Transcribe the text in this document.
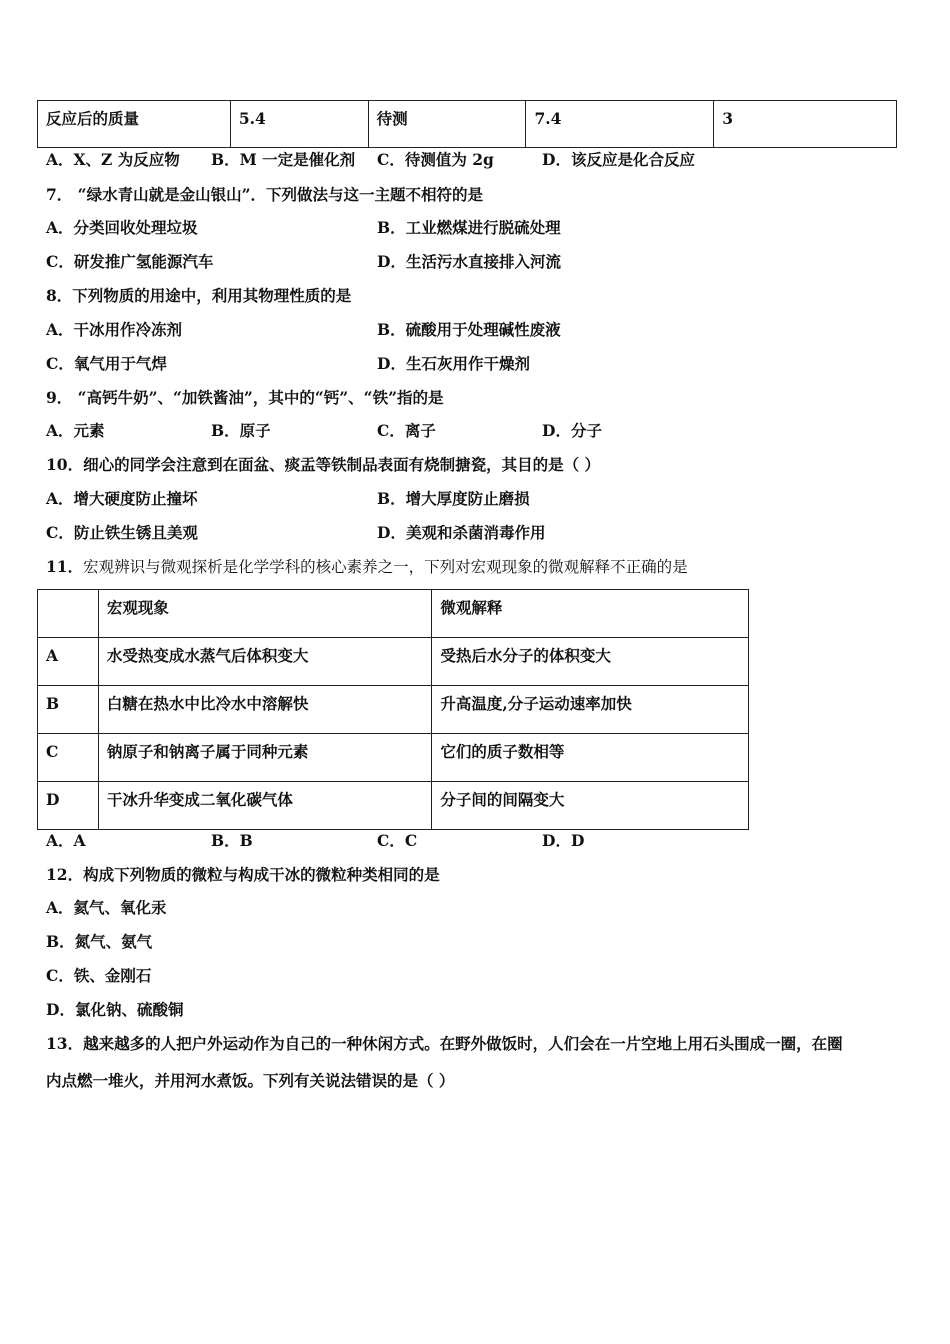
反应后的质量	5.4	待测	7.4	3
A．X、Z 为反应物 B．M 一定是催化剂 C．待测值为 2g	D．该反应是化合反应
7． “绿水青山就是金山银山”．下列做法与这一主题不相符的是
A．分类回收处理垃圾	B．工业燃煤进行脱硫处理
C．研发推广氢能源汽车	D．生活污水直接排入河流
8．下列物质的用途中，利用其物理性质的是
A．干冰用作冷冻剂	B．硫酸用于处理碱性废液
C．氧气用于气焊	D．生石灰用作干燥剂
9． “高钙牛奶”、“加铁酱油”，其中的“钙”、“铁”指的是
A．元素	B．原子	C．离子	D．分子
10．细心的同学会注意到在面盆、痰盂等铁制品表面有烧制搪瓷，其目的是（ ）
A．增大硬度防止撞坏	B．增大厚度防止磨损
C．防止铁生锈且美观	D．美观和杀菌消毒作用
11．宏观辨识与微观探析是化学学科的核心素养之一，下列对宏观现象的微观解释不正确的是
	宏观现象	微观解释
A	水受热变成水蒸气后体积变大	受热后水分子的体积变大
B	白糖在热水中比冷水中溶解快	升高温度,分子运动速率加快
C	钠原子和钠离子属于同种元素	它们的质子数相等
D	干冰升华变成二氧化碳气体	分子间的间隔变大
A．A	B．B	C．C	D．D
12．构成下列物质的微粒与构成干冰的微粒种类相同的是
A．氦气、氧化汞
B．氮气、氨气
C．铁、金刚石
D．氯化钠、硫酸铜
13．越来越多的人把户外运动作为自己的一种休闲方式。在野外做饭时，人们会在一片空地上用石头围成一圈，在圈
内点燃一堆火，并用河水煮饭。下列有关说法错误的是（ ）
